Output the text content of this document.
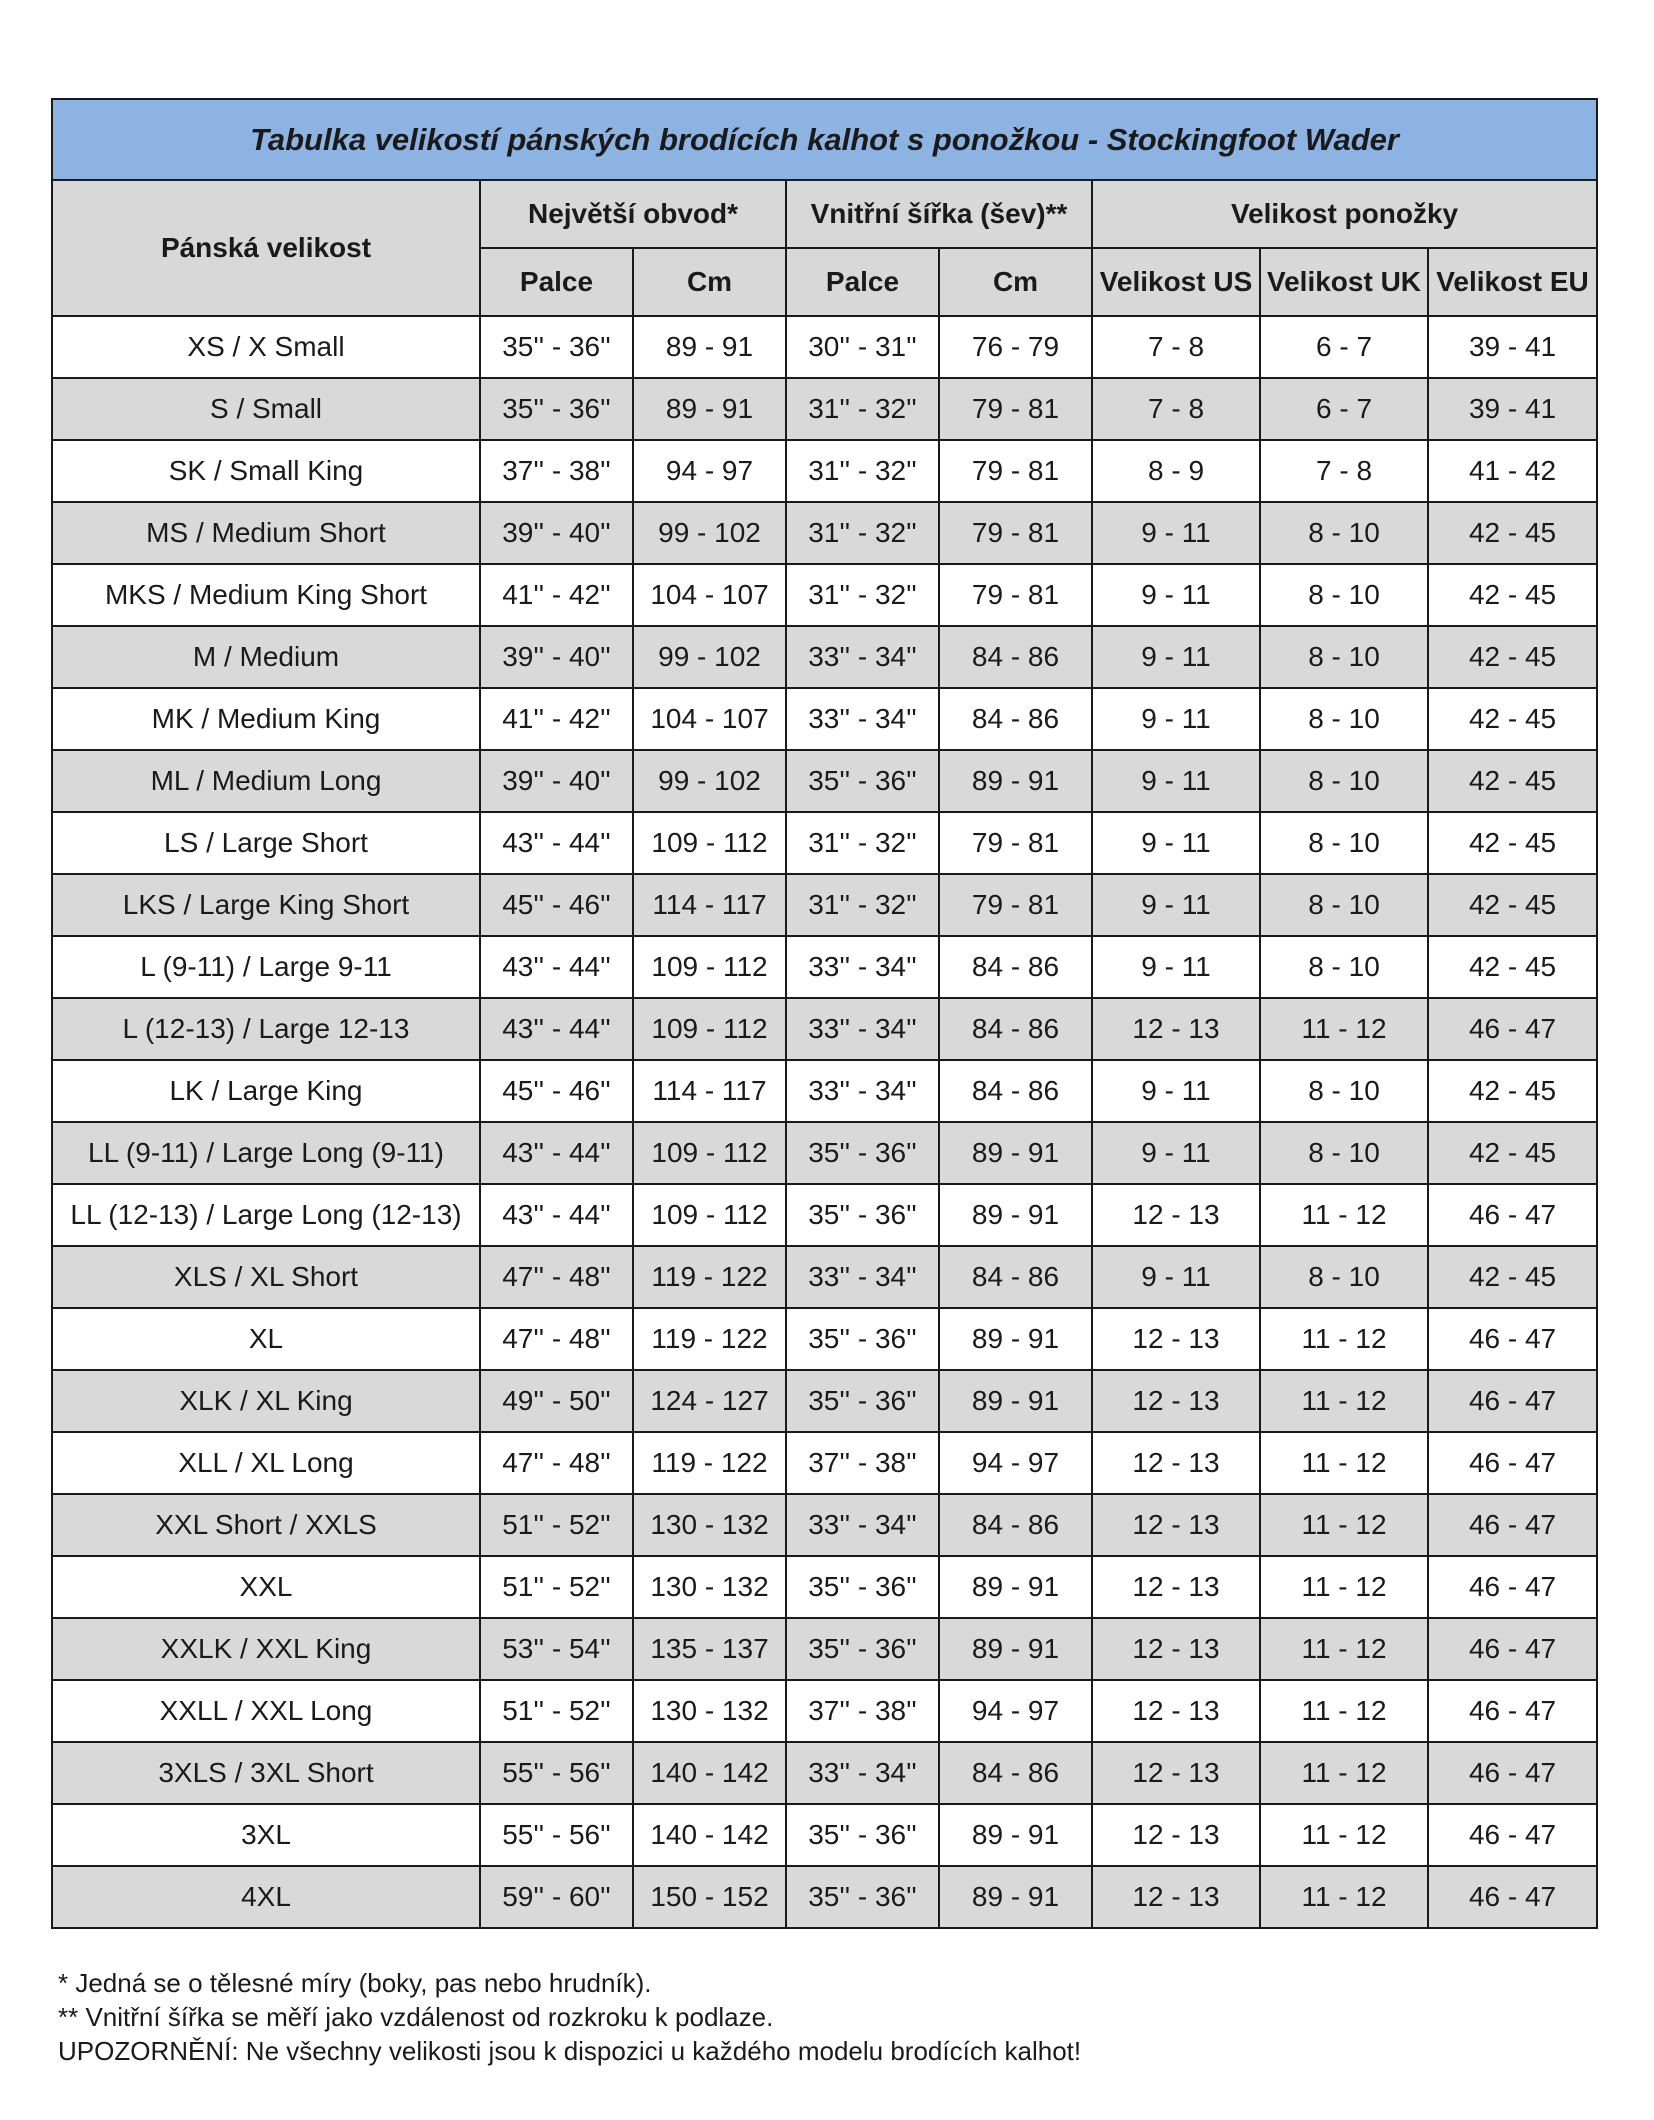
Tabulka velikostí pánských brodících kalhot s ponožkou - Stockingfoot Wader							
Pánská velikost	Největší obvod*		Vnitřní šířka (šev)**		Velikost ponožky		
	Palce	Cm	Palce	Cm	Velikost US	Velikost UK	Velikost EU
XS / X Small	35'' - 36''	89 - 91	30'' - 31''	76 - 79	7 - 8	6 - 7	39 - 41
S / Small	35'' - 36''	89 - 91	31'' - 32''	79 - 81	7 - 8	6 - 7	39 - 41
SK / Small King	37'' - 38''	94 - 97	31'' - 32''	79 - 81	8 - 9	7 - 8	41 - 42
MS / Medium Short	39'' - 40''	99 - 102	31'' - 32''	79 - 81	9 - 11	8 - 10	42 - 45
MKS / Medium King Short	41'' - 42''	104 - 107	31'' - 32''	79 - 81	9 - 11	8 - 10	42 - 45
M / Medium	39'' - 40''	99 - 102	33'' - 34''	84 - 86	9 - 11	8 - 10	42 - 45
MK / Medium King	41'' - 42''	104 - 107	33'' - 34''	84 - 86	9 - 11	8 - 10	42 - 45
ML / Medium Long	39'' - 40''	99 - 102	35'' - 36''	89 - 91	9 - 11	8 - 10	42 - 45
LS / Large Short	43'' - 44''	109 - 112	31'' - 32''	79 - 81	9 - 11	8 - 10	42 - 45
LKS / Large King Short	45'' - 46''	114 - 117	31'' - 32''	79 - 81	9 - 11	8 - 10	42 - 45
L (9-11) / Large 9-11	43'' - 44''	109 - 112	33'' - 34''	84 - 86	9 - 11	8 - 10	42 - 45
L (12-13) / Large 12-13	43'' - 44''	109 - 112	33'' - 34''	84 - 86	12 - 13	11 - 12	46 - 47
LK / Large King	45'' - 46''	114 - 117	33'' - 34''	84 - 86	9 - 11	8 - 10	42 - 45
LL (9-11) / Large Long (9-11)	43'' - 44''	109 - 112	35'' - 36''	89 - 91	9 - 11	8 - 10	42 - 45
LL (12-13) / Large Long (12-13)	43'' - 44''	109 - 112	35'' - 36''	89 - 91	12 - 13	11 - 12	46 - 47
XLS / XL Short	47'' - 48''	119 - 122	33'' - 34''	84 - 86	9 - 11	8 - 10	42 - 45
XL	47'' - 48''	119 - 122	35'' - 36''	89 - 91	12 - 13	11 - 12	46 - 47
XLK / XL King	49'' - 50''	124 - 127	35'' - 36''	89 - 91	12 - 13	11 - 12	46 - 47
XLL / XL Long	47'' - 48''	119 - 122	37'' - 38''	94 - 97	12 - 13	11 - 12	46 - 47
XXL Short / XXLS	51'' - 52''	130 - 132	33'' - 34''	84 - 86	12 - 13	11 - 12	46 - 47
XXL	51'' - 52''	130 - 132	35'' - 36''	89 - 91	12 - 13	11 - 12	46 - 47
XXLK / XXL King	53'' - 54''	135 - 137	35'' - 36''	89 - 91	12 - 13	11 - 12	46 - 47
XXLL / XXL Long	51'' - 52''	130 - 132	37'' - 38''	94 - 97	12 - 13	11 - 12	46 - 47
3XLS / 3XL Short	55'' - 56''	140 - 142	33'' - 34''	84 - 86	12 - 13	11 - 12	46 - 47
3XL	55'' - 56''	140 - 142	35'' - 36''	89 - 91	12 - 13	11 - 12	46 - 47
4XL	59'' - 60''	150 - 152	35'' - 36''	89 - 91	12 - 13	11 - 12	46 - 47
* Jedná se o tělesné míry (boky, pas nebo hrudník).
** Vnitřní šířka se měří jako vzdálenost od rozkroku k podlaze.
UPOZORNĚNÍ: Ne všechny velikosti jsou k dispozici u každého modelu brodících kalhot!
